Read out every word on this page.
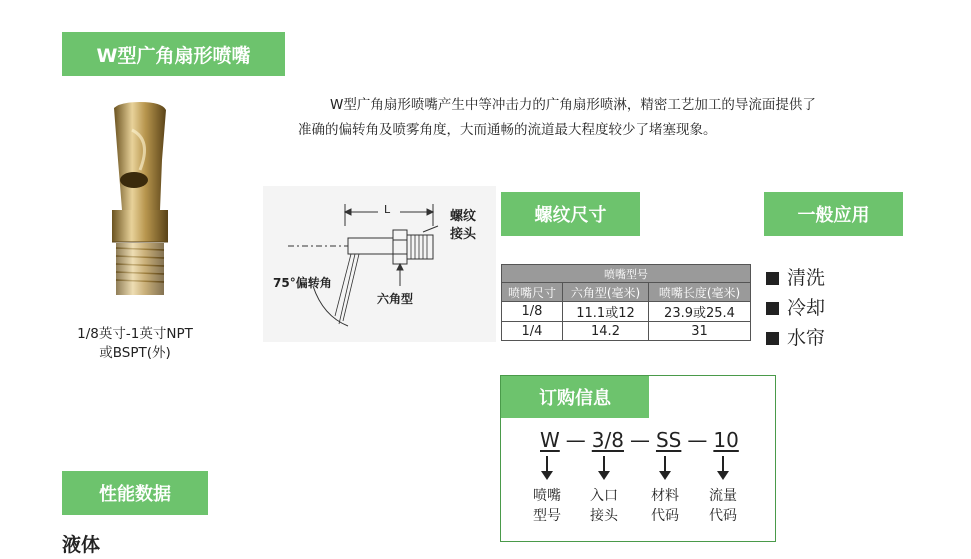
W型广角扇形喷嘴

W型广角扇形喷嘴产生中等冲击力的广角扇形喷淋，精密工艺加工的导流面提供了

准确的偏转角及喷雾角度，大而通畅的流道最大程度较少了堵塞现象。

1/8英寸-1英寸NPT
或BSPT(外)
L	螺纹
接头
75°偏转角
六角型
螺纹尺寸
喷嘴型号		
喷嘴尺寸	六角型(毫米)	喷嘴长度(毫米)
1/8	11.1或12	23.9或25.4
1/4	14.2	31
一般应用
清洗
冷却
水帘
订购信息
W — 3/8 — SS — 10
喷嘴
型号
入口
接头
材料
代码
流量
代码
性能数据
液体
